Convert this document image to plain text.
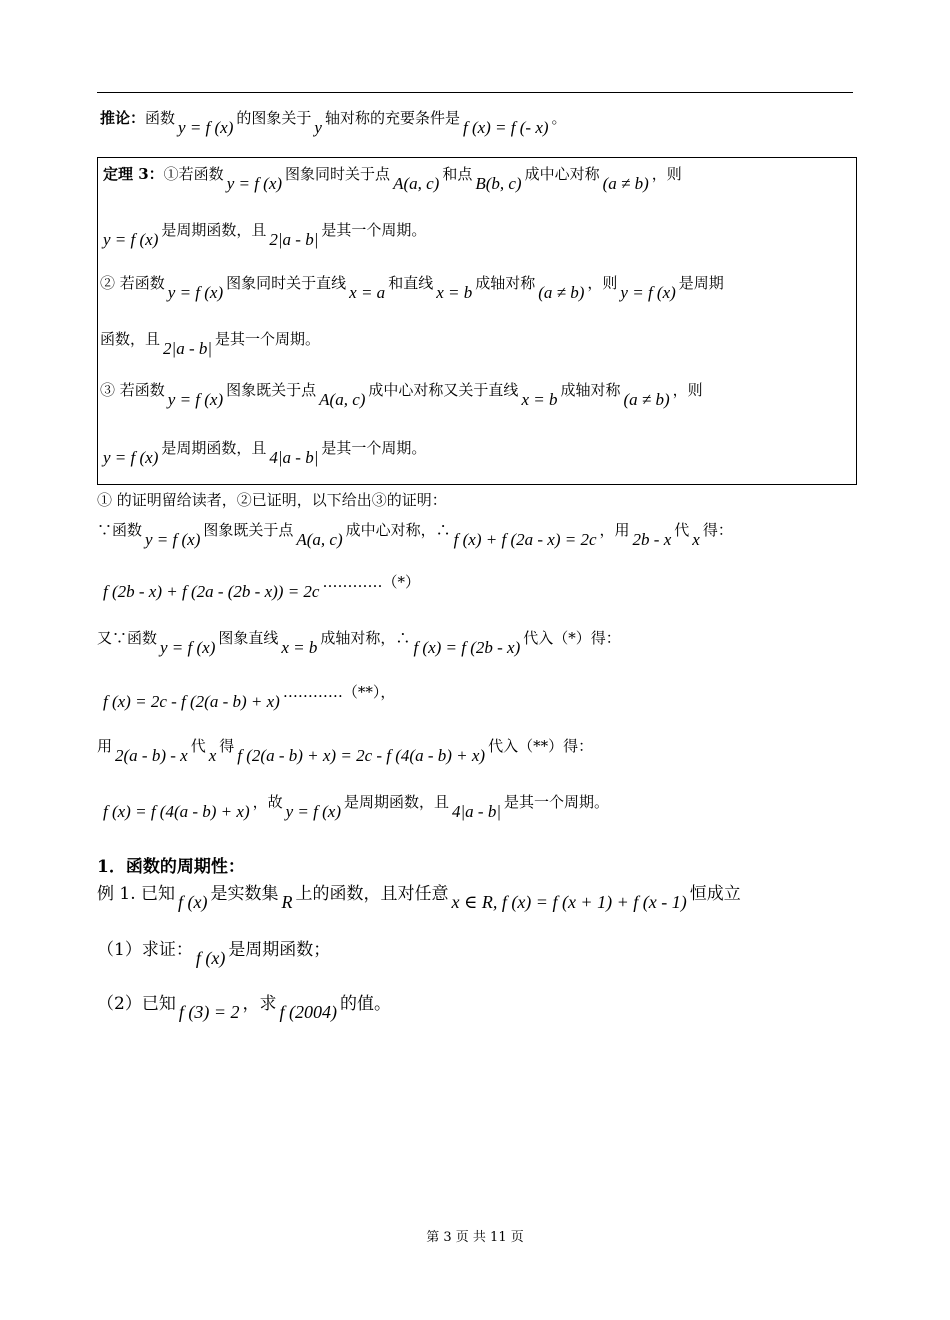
推论：函数 y = f (x) 的图象关于 y 轴对称的充要条件是 f (x) = f (- x) 。
定理 3：①若函数 y = f (x) 图象同时关于点 A(a, c) 和点 B(b, c) 成中心对称 (a ≠ b) ，则
y = f (x) 是周期函数，且 2|a - b| 是其一个周期。
② 若函数 y = f (x) 图象同时关于直线 x = a 和直线 x = b 成轴对称 (a ≠ b) ，则 y = f (x) 是周期
函数，且 2|a - b| 是其一个周期。
③ 若函数 y = f (x) 图象既关于点 A(a, c) 成中心对称又关于直线 x = b 成轴对称 (a ≠ b) ，则
y = f (x) 是周期函数，且 4|a - b| 是其一个周期。
① 的证明留给读者，②已证明，以下给出③的证明：
∵函数 y = f (x) 图象既关于点 A(a, c) 成中心对称，∴ f (x) + f (2a - x) = 2c ，用 2b - x 代 x 得：
f (2b - x) + f (2a - (2b - x)) = 2c …………（*）
又∵函数 y = f (x) 图象直线 x = b 成轴对称，∴ f (x) = f (2b - x) 代入（*）得：
f (x) = 2c - f (2(a - b) + x) …………（**），
用 2(a - b) - x 代 x 得 f (2(a - b) + x) = 2c - f (4(a - b) + x) 代入（**）得：
f (x) = f (4(a - b) + x) ，故 y = f (x) 是周期函数，且 4|a - b| 是其一个周期。
1．函数的周期性：
例 1. 已知 f (x) 是实数集 R 上的函数，且对任意 x ∈ R, f (x) = f (x + 1) + f (x - 1) 恒成立
（1）求证： f (x) 是周期函数；
（2）已知 f (3) = 2 ，求 f (2004) 的值。
第 3 页 共 11 页
